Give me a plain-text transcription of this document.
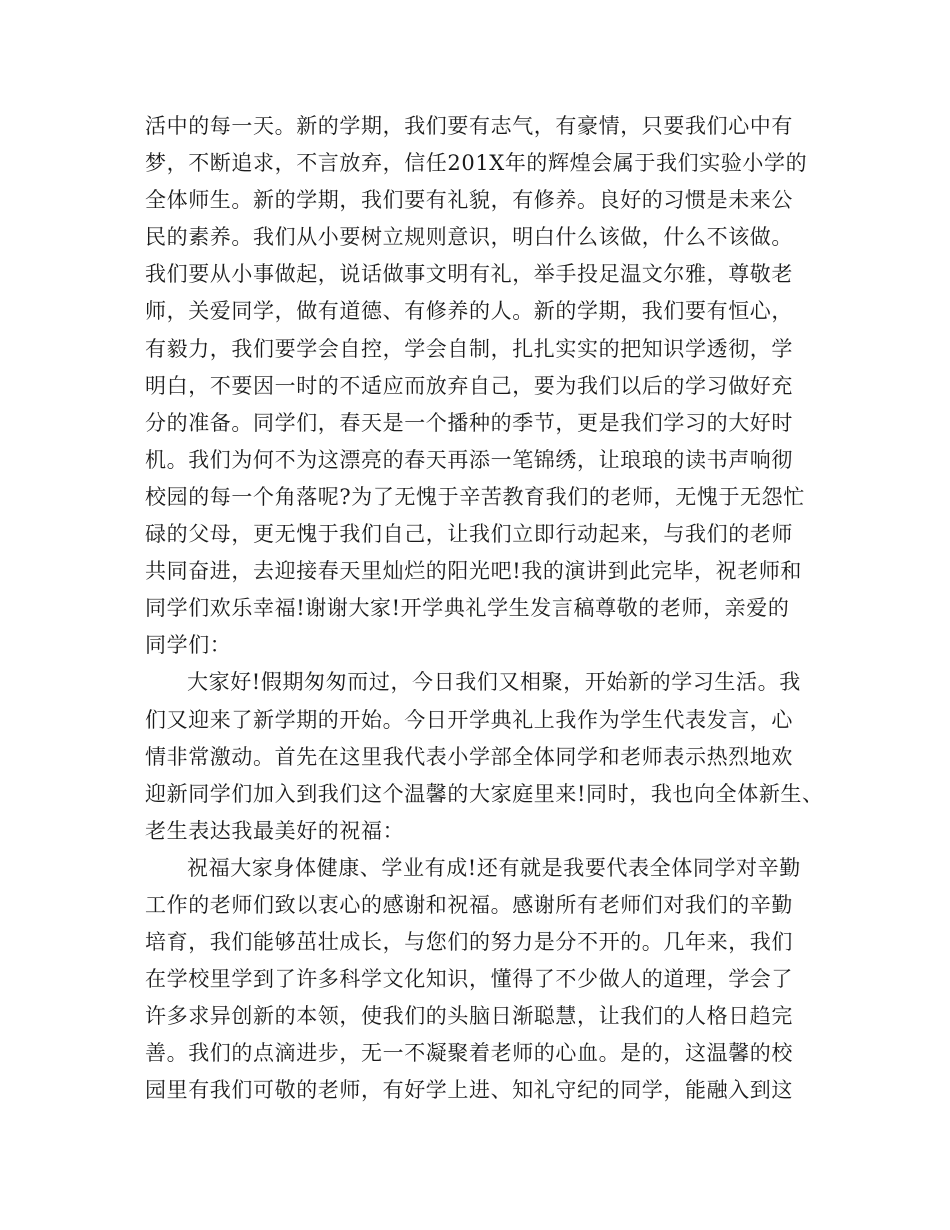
活中的每一天。新的学期，我们要有志气，有豪情，只要我们心中有
梦，不断追求，不言放弃，信任201X年的辉煌会属于我们实验小学的
全体师生。新的学期，我们要有礼貌，有修养。良好的习惯是未来公
民的素养。我们从小要树立规则意识，明白什么该做，什么不该做。
我们要从小事做起，说话做事文明有礼，举手投足温文尔雅，尊敬老
师，关爱同学，做有道德、有修养的人。新的学期，我们要有恒心，
有毅力，我们要学会自控，学会自制，扎扎实实的把知识学透彻，学
明白，不要因一时的不适应而放弃自己，要为我们以后的学习做好充
分的准备。同学们，春天是一个播种的季节，更是我们学习的大好时
机。我们为何不为这漂亮的春天再添一笔锦绣，让琅琅的读书声响彻
校园的每一个角落呢?为了无愧于辛苦教育我们的老师，无愧于无怨忙
碌的父母，更无愧于我们自己，让我们立即行动起来，与我们的老师
共同奋进，去迎接春天里灿烂的阳光吧!我的演讲到此完毕，祝老师和
同学们欢乐幸福!谢谢大家!开学典礼学生发言稿尊敬的老师，亲爱的
同学们：
大家好!假期匆匆而过，今日我们又相聚，开始新的学习生活。我
们又迎来了新学期的开始。今日开学典礼上我作为学生代表发言，心
情非常激动。首先在这里我代表小学部全体同学和老师表示热烈地欢
迎新同学们加入到我们这个温馨的大家庭里来!同时，我也向全体新生、
老生表达我最美好的祝福：
祝福大家身体健康、学业有成!还有就是我要代表全体同学对辛勤
工作的老师们致以衷心的感谢和祝福。感谢所有老师们对我们的辛勤
培育，我们能够茁壮成长，与您们的努力是分不开的。几年来，我们
在学校里学到了许多科学文化知识，懂得了不少做人的道理，学会了
许多求异创新的本领，使我们的头脑日渐聪慧，让我们的人格日趋完
善。我们的点滴进步，无一不凝聚着老师的心血。是的，这温馨的校
园里有我们可敬的老师，有好学上进、知礼守纪的同学，能融入到这
